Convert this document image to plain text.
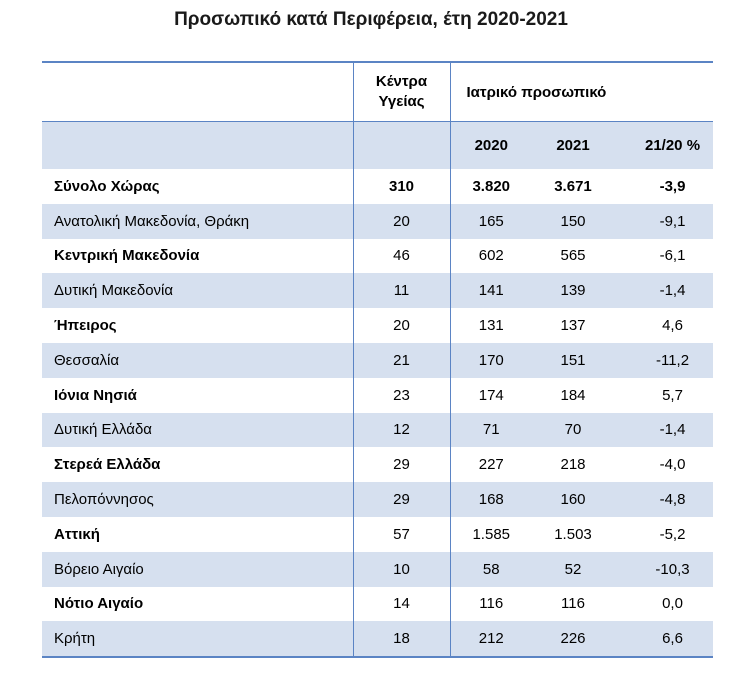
Προσωπικό κατά Περιφέρεια, έτη 2020-2021
	Κέντρα Υγείας	Ιατρικό προσωπικό		
		2020	2021	21/20 %
Σύνολο Χώρας	310	3.820	3.671	-3,9
Ανατολική Μακεδονία, Θράκη	20	165	150	-9,1
Κεντρική Μακεδονία	46	602	565	-6,1
Δυτική Μακεδονία	11	141	139	-1,4
Ήπειρος	20	131	137	4,6
Θεσσαλία	21	170	151	-11,2
Ιόνια Νησιά	23	174	184	5,7
Δυτική Ελλάδα	12	71	70	-1,4
Στερεά Ελλάδα	29	227	218	-4,0
Πελοπόννησος	29	168	160	-4,8
Αττική	57	1.585	1.503	-5,2
Βόρειο Αιγαίο	10	58	52	-10,3
Νότιο Αιγαίο	14	116	116	0,0
Κρήτη	18	212	226	6,6
